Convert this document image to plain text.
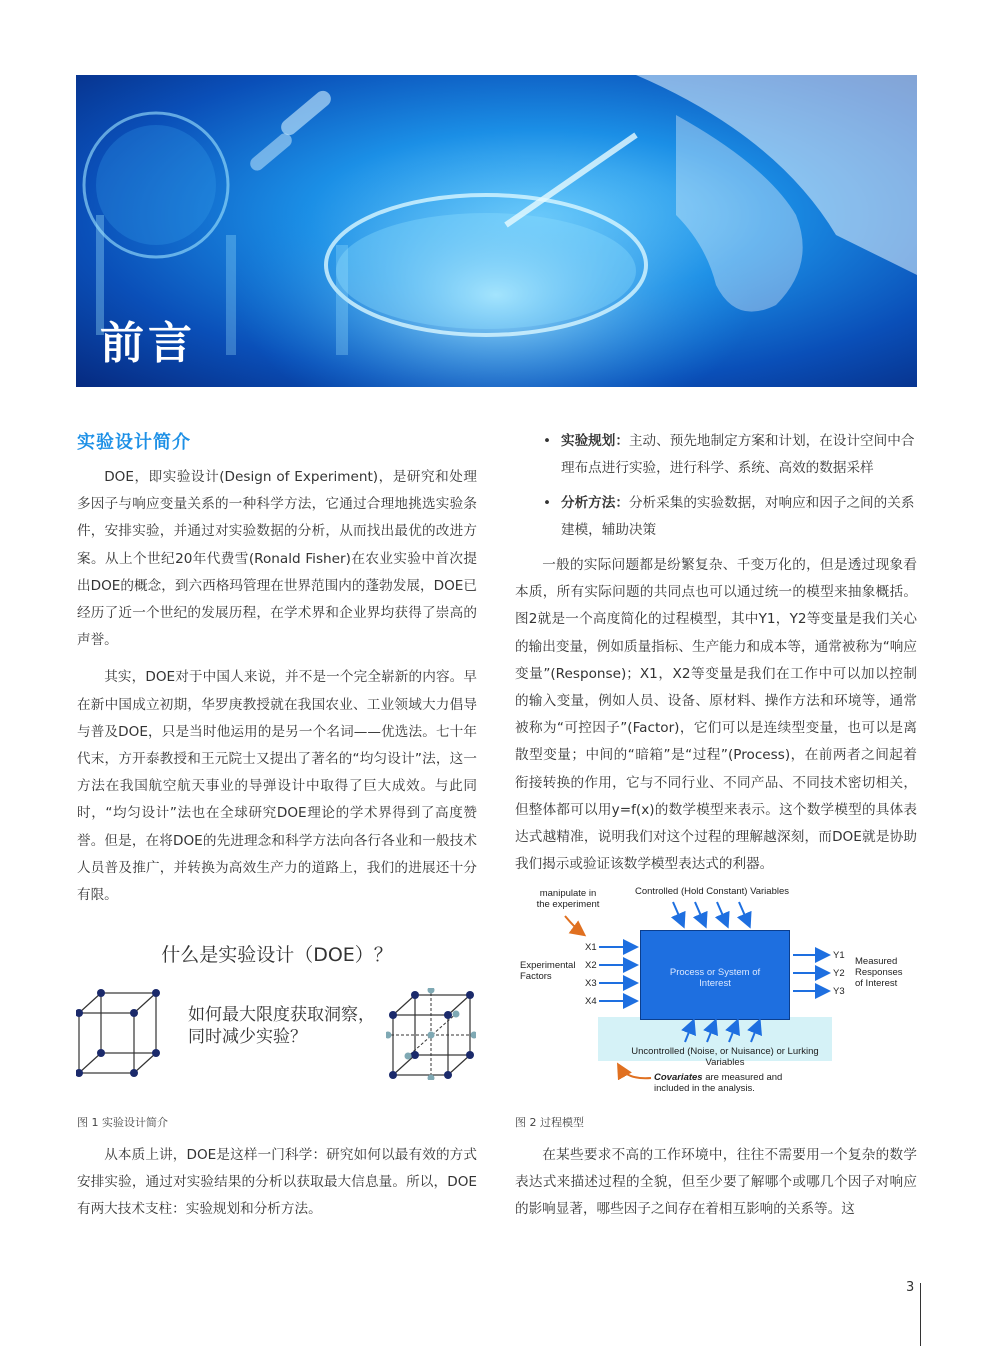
前言
实验设计简介

DOE，即实验设计(Design of Experiment)，是研究和处理多因子与响应变量关系的一种科学方法，它通过合理地挑选实验条件，安排实验，并通过对实验数据的分析，从而找出最优的改进方案。从上个世纪20年代费雪(Ronald Fisher)在农业实验中首次提出DOE的概念，到六西格玛管理在世界范围内的蓬勃发展，DOE已经历了近一个世纪的发展历程，在学术界和企业界均获得了崇高的声誉。

其实，DOE对于中国人来说，并不是一个完全崭新的内容。早在新中国成立初期，华罗庚教授就在我国农业、工业领域大力倡导与普及DOE，只是当时他运用的是另一个名词——优选法。七十年代末，方开泰教授和王元院士又提出了著名的“均匀设计”法，这一方法在我国航空航天事业的导弹设计中取得了巨大成效。与此同时，“均匀设计”法也在全球研究DOE理论的学术界得到了高度赞誉。但是，在将DOE的先进理念和科学方法向各行各业和一般技术人员普及推广，并转换为高效生产力的道路上，我们的进展还十分有限。

什么是实验设计（DOE）？
如何最大限度获取洞察，
同时减少实验？
图 1 实验设计简介

从本质上讲，DOE是这样一门科学：研究如何以最有效的方式安排实验，通过对实验结果的分析以获取最大信息量。所以，DOE有两大技术支柱：实验规划和分析方法。

• 实验规划：主动、预先地制定方案和计划，在设计空间中合理布点进行实验，进行科学、系统、高效的数据采样
• 分析方法：分析采集的实验数据，对响应和因子之间的关系建模，辅助决策

一般的实际问题都是纷繁复杂、千变万化的，但是透过现象看本质，所有实际问题的共同点也可以通过统一的模型来抽象概括。图2就是一个高度简化的过程模型，其中Y1，Y2等变量是我们关心的输出变量，例如质量指标、生产能力和成本等，通常被称为“响应变量”(Response)；X1，X2等变量是我们在工作中可以加以控制的输入变量，例如人员、设备、原材料、操作方法和环境等，通常被称为“可控因子”(Factor)，它们可以是连续型变量，也可以是离散型变量；中间的“暗箱”是“过程”(Process)，在前两者之间起着衔接转换的作用，它与不同行业、不同产品、不同技术密切相关，但整体都可以用y=f(x)的数学模型来表示。这个数学模型的具体表达式越精准，说明我们对这个过程的理解越深刻，而DOE就是协助我们揭示或验证该数学模型表达式的利器。

manipulate in
the experiment
Controlled (Hold Constant) Variables
Experimental
Factors
X1
X2
X3
X4
Process or System of
Interest
Y1
Y2
Y3
Measured
Responses
of Interest
Uncontrolled (Noise, or Nuisance) or Lurking
Variables
Covariates are measured and
included in the analysis.
图 2 过程模型

在某些要求不高的工作环境中，往往不需要用一个复杂的数学表达式来描述过程的全貌，但至少要了解哪个或哪几个因子对响应的影响显著，哪些因子之间存在着相互影响的关系等。这

3
